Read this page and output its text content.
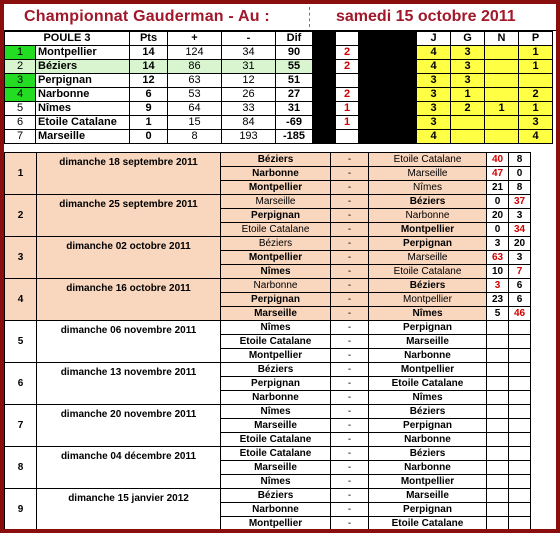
Championnat Gauderman - Au :	samedi 15 octobre 2011
POULE 3		Pts	+	-	Dif				J	G	N	P
1	Montpellier	14	124	34	90		2		4	3		1
2	Béziers	14	86	31	55		2		4	3		1
3	Perpignan	12	63	12	51				3	3		
4	Narbonne	6	53	26	27		2		3	1		2
5	Nîmes	9	64	33	31		1		3	2	1	1
6	Etoile Catalane	1	15	84	-69		1		3			3
7	Marseille	0	8	193	-185				4			4
1	dimanche 18 septembre 2011	Béziers	-	Etoile Catalane	40	8
		Narbonne	-	Marseille	47	0
		Montpellier	-	Nîmes	21	8
2	dimanche 25 septembre 2011	Marseille	-	Béziers	0	37
		Perpignan	-	Narbonne	20	3
		Etoile Catalane	-	Montpellier	0	34
3	dimanche 02 octobre 2011	Béziers	-	Perpignan	3	20
		Montpellier	-	Marseille	63	3
		Nîmes	-	Etoile Catalane	10	7
4	dimanche 16 octobre 2011	Narbonne	-	Béziers	3	6
		Perpignan	-	Montpellier	23	6
		Marseille	-	Nîmes	5	46
5	dimanche 06 novembre 2011	Nîmes	-	Perpignan		
		Etoile Catalane	-	Marseille		
		Montpellier	-	Narbonne		
6	dimanche 13 novembre 2011	Béziers	-	Montpellier		
		Perpignan	-	Etoile Catalane		
		Narbonne	-	Nîmes		
7	dimanche 20 novembre 2011	Nîmes	-	Béziers		
		Marseille	-	Perpignan		
		Etoile Catalane	-	Narbonne		
8	dimanche 04 décembre 2011	Etoile Catalane	-	Béziers		
		Marseille	-	Narbonne		
		Nîmes	-	Montpellier		
9	dimanche 15 janvier 2012	Béziers	-	Marseille		
		Narbonne	-	Perpignan		
		Montpellier	-	Etoile Catalane		
